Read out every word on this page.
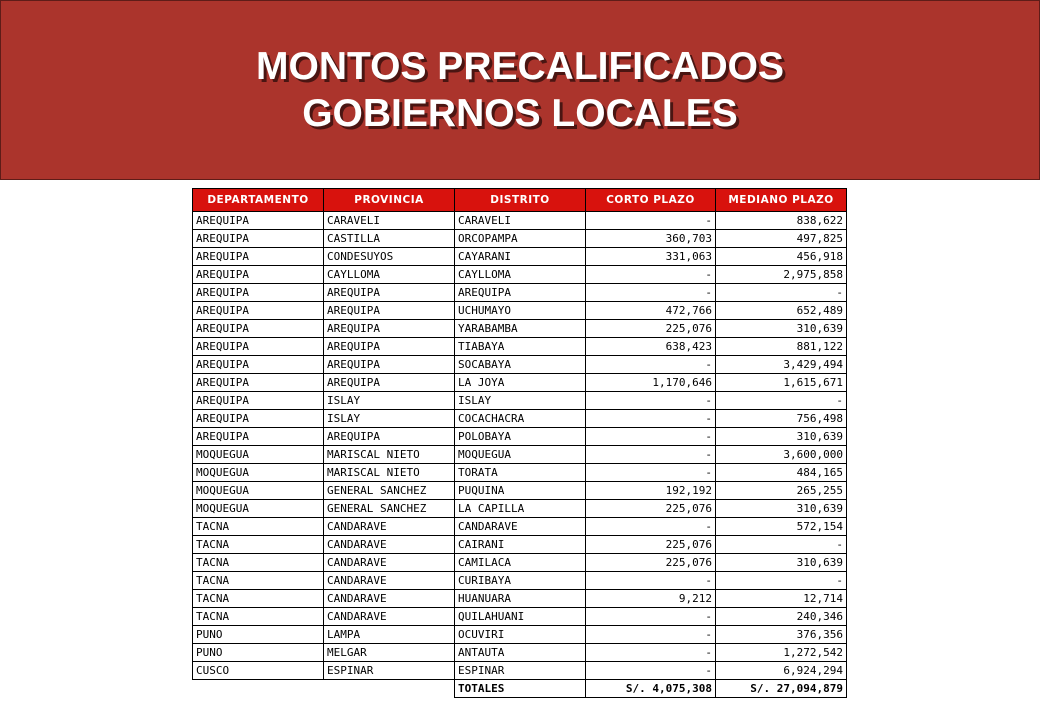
MONTOS PRECALIFICADOS
GOBIERNOS LOCALES
DEPARTAMENTO	PROVINCIA	DISTRITO	CORTO PLAZO	MEDIANO PLAZO
AREQUIPA	CARAVELI	CARAVELI	-	838,622
AREQUIPA	CASTILLA	ORCOPAMPA	360,703	497,825
AREQUIPA	CONDESUYOS	CAYARANI	331,063	456,918
AREQUIPA	CAYLLOMA	CAYLLOMA	-	2,975,858
AREQUIPA	AREQUIPA	AREQUIPA	-	-
AREQUIPA	AREQUIPA	UCHUMAYO	472,766	652,489
AREQUIPA	AREQUIPA	YARABAMBA	225,076	310,639
AREQUIPA	AREQUIPA	TIABAYA	638,423	881,122
AREQUIPA	AREQUIPA	SOCABAYA	-	3,429,494
AREQUIPA	AREQUIPA	LA JOYA	1,170,646	1,615,671
AREQUIPA	ISLAY	ISLAY	-	-
AREQUIPA	ISLAY	COCACHACRA	-	756,498
AREQUIPA	AREQUIPA	POLOBAYA	-	310,639
MOQUEGUA	MARISCAL NIETO	MOQUEGUA	-	3,600,000
MOQUEGUA	MARISCAL NIETO	TORATA	-	484,165
MOQUEGUA	GENERAL SANCHEZ	PUQUINA	192,192	265,255
MOQUEGUA	GENERAL SANCHEZ	LA CAPILLA	225,076	310,639
TACNA	CANDARAVE	CANDARAVE	-	572,154
TACNA	CANDARAVE	CAIRANI	225,076	-
TACNA	CANDARAVE	CAMILACA	225,076	310,639
TACNA	CANDARAVE	CURIBAYA	-	-
TACNA	CANDARAVE	HUANUARA	9,212	12,714
TACNA	CANDARAVE	QUILAHUANI	-	240,346
PUNO	LAMPA	OCUVIRI	-	376,356
PUNO	MELGAR	ANTAUTA	-	1,272,542
CUSCO	ESPINAR	ESPINAR	-	6,924,294
		TOTALES	S/. 4,075,308	S/. 27,094,879
